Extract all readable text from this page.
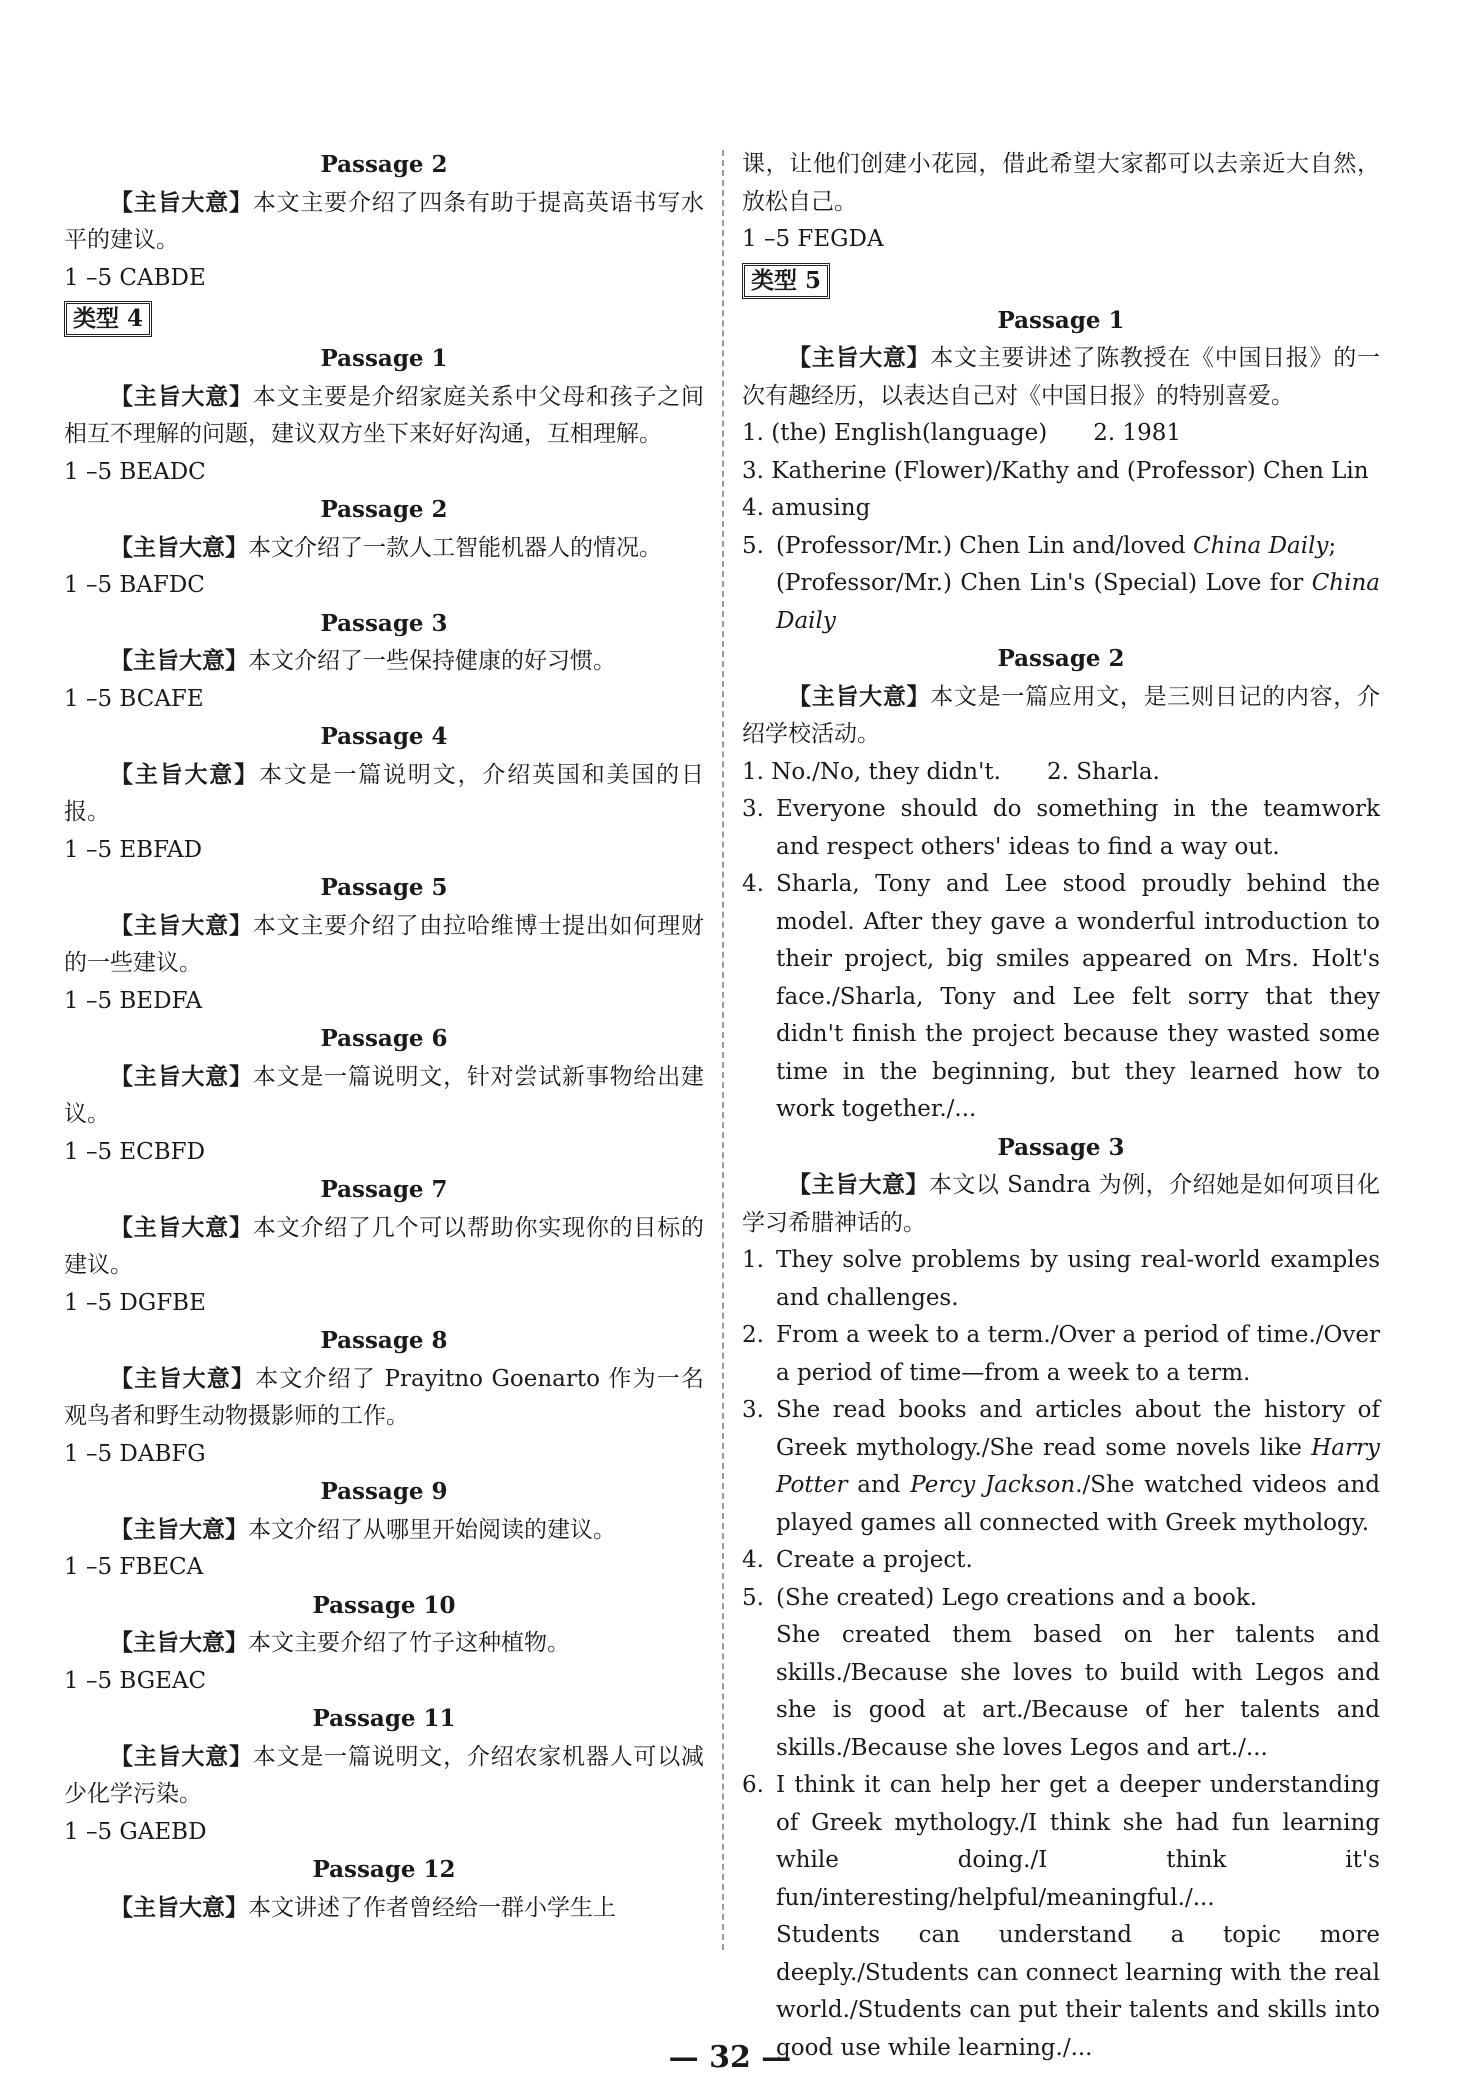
Passage 2
【主旨大意】本文主要介绍了四条有助于提高英语书写水平的建议。
1 –5 CABDE
类型 4
Passage 1
【主旨大意】本文主要是介绍家庭关系中父母和孩子之间相互不理解的问题，建议双方坐下来好好沟通，互相理解。
1 –5 BEADC
Passage 2
【主旨大意】本文介绍了一款人工智能机器人的情况。
1 –5 BAFDC
Passage 3
【主旨大意】本文介绍了一些保持健康的好习惯。
1 –5 BCAFE
Passage 4
【主旨大意】本文是一篇说明文，介绍英国和美国的日报。
1 –5 EBFAD
Passage 5
【主旨大意】本文主要介绍了由拉哈维博士提出如何理财的一些建议。
1 –5 BEDFA
Passage 6
【主旨大意】本文是一篇说明文，针对尝试新事物给出建议。
1 –5 ECBFD
Passage 7
【主旨大意】本文介绍了几个可以帮助你实现你的目标的建议。
1 –5 DGFBE
Passage 8
【主旨大意】本文介绍了 Prayitno Goenarto 作为一名观鸟者和野生动物摄影师的工作。
1 –5 DABFG
Passage 9
【主旨大意】本文介绍了从哪里开始阅读的建议。
1 –5 FBECA
Passage 10
【主旨大意】本文主要介绍了竹子这种植物。
1 –5 BGEAC
Passage 11
【主旨大意】本文是一篇说明文，介绍农家机器人可以减少化学污染。
1 –5 GAEBD
Passage 12
【主旨大意】本文讲述了作者曾经给一群小学生上
课，让他们创建小花园，借此希望大家都可以去亲近大自然，放松自己。
1 –5 FEGDA
类型 5
Passage 1
【主旨大意】本文主要讲述了陈教授在《中国日报》的一次有趣经历，以表达自己对《中国日报》的特别喜爱。
1. (the) English(language)　　2. 1981
3. Katherine (Flower)/Kathy and (Professor) Chen Lin
4. amusing
5. (Professor/Mr.) Chen Lin and/loved China Daily;
(Professor/Mr.) Chen Lin's (Special) Love for China Daily
Passage 2
【主旨大意】本文是一篇应用文，是三则日记的内容，介绍学校活动。
1. No./No, they didn't.　　2. Sharla.
3. Everyone should do something in the teamwork and respect others' ideas to find a way out.
4. Sharla, Tony and Lee stood proudly behind the model. After they gave a wonderful introduction to their project, big smiles appeared on Mrs. Holt's face./Sharla, Tony and Lee felt sorry that they didn't finish the project because they wasted some time in the beginning, but they learned how to work together./...
Passage 3
【主旨大意】本文以 Sandra 为例，介绍她是如何项目化学习希腊神话的。
1. They solve problems by using real-world examples and challenges.
2. From a week to a term./Over a period of time./Over a period of time—from a week to a term.
3. She read books and articles about the history of Greek mythology./She read some novels like Harry Potter and Percy Jackson./She watched videos and played games all connected with Greek mythology.
4. Create a project.
5. (She created) Lego creations and a book.
She created them based on her talents and skills./Because she loves to build with Legos and she is good at art./Because of her talents and skills./Because she loves Legos and art./...
6. I think it can help her get a deeper understanding of Greek mythology./I think she had fun learning while doing./I think it's fun/interesting/helpful/meaningful./...
Students can understand a topic more deeply./Students can connect learning with the real world./Students can put their talents and skills into good use while learning./...
— 32 —
